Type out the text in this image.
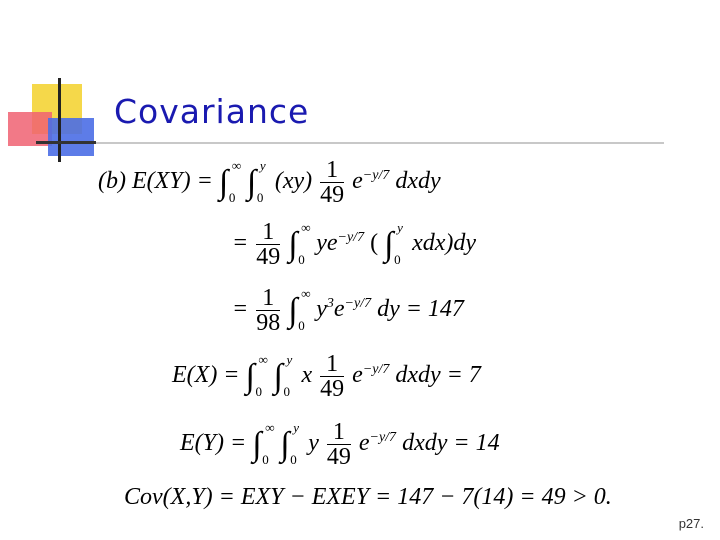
Covariance
(b) E(XY) = ∫ ∞
0 ∫ y
0
$(xy) \frac{1}{49} e^{-y/7}$ dxdy
= $\frac{1}{49}$ ∫ ∞
0
$ye^{-y/7}$ ( ∫ y
0
xdx)dy
= $\frac{1}{98}$ ∫ ∞
0
$y^3e^{-y/7}$ dy = 147
E(X) = ∫ ∞
0 ∫ y
0
x $\frac{1}{49} e^{-y/7}$ dxdy = 7
E(Y) = ∫ ∞
0 ∫ y
0
y $\frac{1}{49} e^{-y/7}$ dxdy = 14
Cov(X,Y) = EXY − EXEY = 147 − 7(14) = 49 > 0.
p27.
